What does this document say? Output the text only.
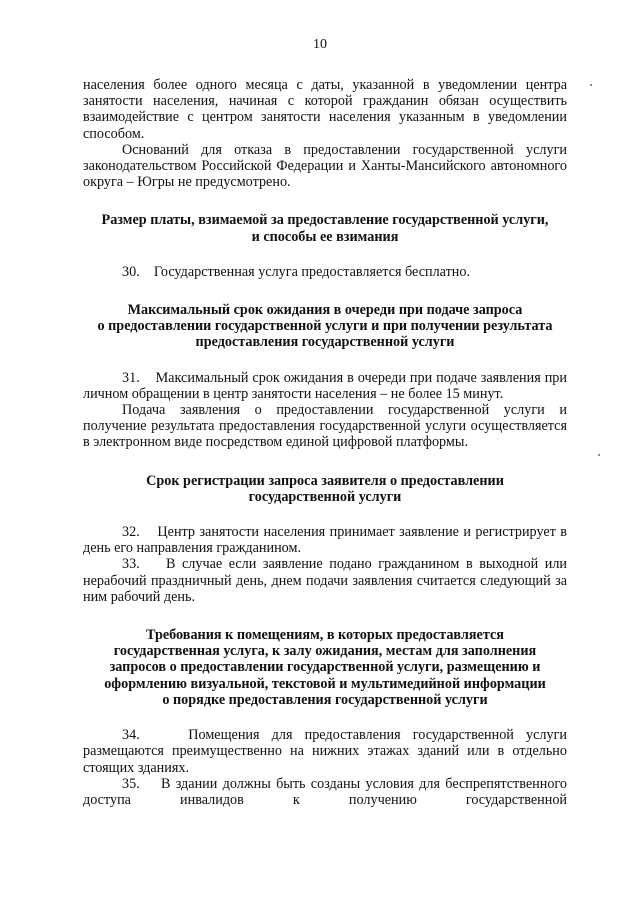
10

населения более одного месяца с даты, указанной в уведомлении центра занятости населения, начиная с которой гражданин обязан осуществить взаимодействие с центром занятости населения указанным в уведомлении способом.

Оснований для отказа в предоставлении государственной услуги законодательством Российской Федерации и Ханты-Мансийского автономного округа – Югры не предусмотрено.

Размер платы, взимаемой за предоставление государственной услуги,
и способы ее взимания

30.    Государственная услуга предоставляется бесплатно.

Максимальный срок ожидания в очереди при подаче запроса
о предоставлении государственной услуги и при получении результата
предоставления государственной услуги

31.    Максимальный срок ожидания в очереди при подаче заявления при личном обращении в центр занятости населения – не более 15 минут.

Подача заявления о предоставлении государственной услуги и получение результата предоставления государственной услуги осуществляется в электронном виде посредством единой цифровой платформы.

Срок регистрации запроса заявителя о предоставлении
государственной услуги

32.    Центр занятости населения принимает заявление и регистрирует в день его направления гражданином.

33.    В случае если заявление подано гражданином в выходной или нерабочий праздничный день, днем подачи заявления считается следующий за ним рабочий день.

Требования к помещениям, в которых предоставляется
государственная услуга, к залу ожидания, местам для заполнения
запросов о предоставлении государственной услуги, размещению и
оформлению визуальной, текстовой и мультимедийной информации
о порядке предоставления государственной услуги

34.    Помещения для предоставления государственной услуги размещаются преимущественно на нижних этажах зданий или в отдельно стоящих зданиях.

35.    В здании должны быть созданы условия для беспрепятственного доступа инвалидов к получению государственной
